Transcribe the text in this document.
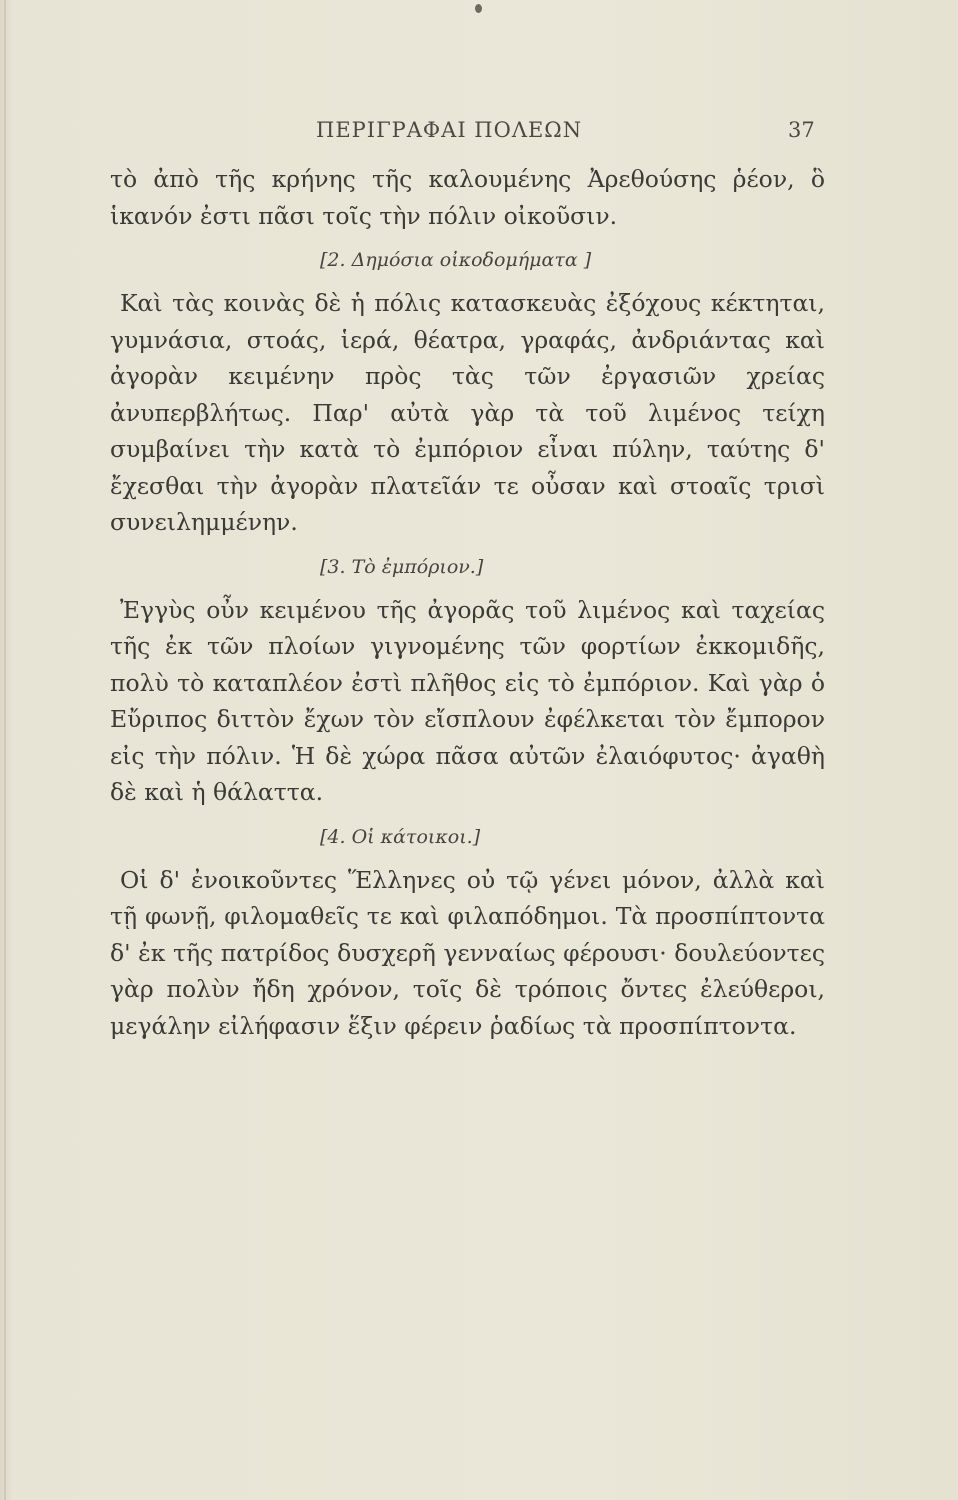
ΠΕΡΙΓΡΑΦΑΙ ΠΟΛΕΩΝ	37

τὸ ἀπὸ τῆς κρήνης τῆς καλουμένης Ἀρεθούσης ῥέον, ὃ ἱκανόν ἐστι πᾶσι τοῖς τὴν πόλιν οἰκοῦσιν.

[2. Δημόσια οἰκοδομήματα ]

Καὶ τὰς κοινὰς δὲ ἡ πόλις κατασκευὰς ἐξόχους κέκτηται, γυμνάσια, στοάς, ἱερά, θέατρα, γραφάς, ἀνδριάντας καὶ ἀγορὰν κειμένην πρὸς τὰς τῶν ἐργασιῶν χρείας ἀνυπερβλήτως. Παρ' αὐτὰ γὰρ τὰ τοῦ λιμένος τείχη συμβαίνει τὴν κατὰ τὸ ἐμπόριον εἶναι πύλην, ταύτης δ' ἔχεσθαι τὴν ἀγορὰν πλατεῖάν τε οὖσαν καὶ στοαῖς τρισὶ συνειλημμένην.

[3. Τὸ ἐμπόριον.]

Ἐγγὺς οὖν κειμένου τῆς ἀγορᾶς τοῦ λιμένος καὶ ταχείας τῆς ἐκ τῶν πλοίων γιγνομένης τῶν φορτίων ἐκκομιδῆς, πολὺ τὸ καταπλέον ἐστὶ πλῆθος εἰς τὸ ἐμπόριον. Καὶ γὰρ ὁ Εὔριπος διττὸν ἔχων τὸν εἴσπλουν ἐφέλκεται τὸν ἔμπορον εἰς τὴν πόλιν. Ἡ δὲ χώρα πᾶσα αὐτῶν ἐλαιόφυτος· ἀγαθὴ δὲ καὶ ἡ θάλαττα.

[4. Οἱ κάτοικοι.]

Οἱ δ' ἐνοικοῦντες Ἕλληνες οὐ τῷ γένει μόνον, ἀλλὰ καὶ τῇ φωνῇ, φιλομαθεῖς τε καὶ φιλαπόδημοι. Τὰ προσπίπτοντα δ' ἐκ τῆς πατρίδος δυσχερῆ γενναίως φέρουσι· δουλεύοντες γὰρ πολὺν ἤδη χρόνον, τοῖς δὲ τρόποις ὄντες ἐλεύθεροι, μεγάλην εἰλήφασιν ἕξιν φέρειν ῥαδίως τὰ προσπίπτοντα.
